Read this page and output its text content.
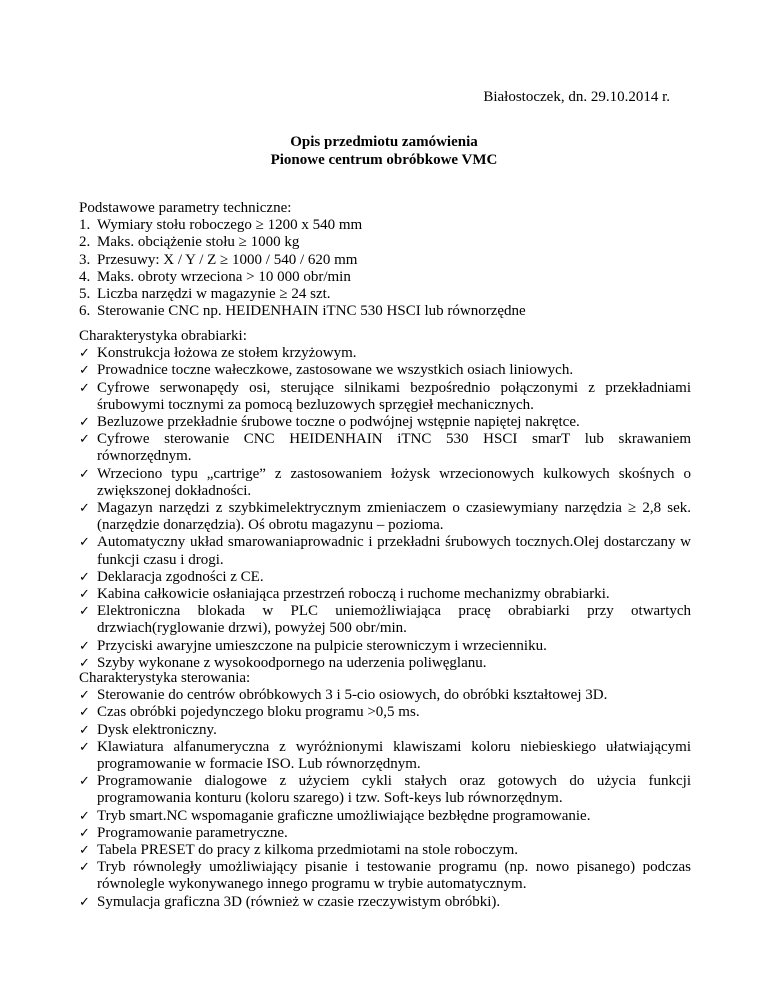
Białostoczek, dn. 29.10.2014 r.
Opis przedmiotu zamówienia
Pionowe centrum obróbkowe VMC

Podstawowe parametry techniczne:

1. Wymiary stołu roboczego ≥ 1200 x 540 mm
2. Maks. obciążenie stołu ≥ 1000 kg
3. Przesuwy: X / Y / Z ≥ 1000 / 540 / 620 mm
4. Maks. obroty wrzeciona > 10 000 obr/min
5. Liczba narzędzi w magazynie ≥ 24 szt.
6. Sterowanie CNC np. HEIDENHAIN iTNC 530 HSCI lub równorzędne

Charakterystyka obrabiarki:

✓ Konstrukcja łożowa ze stołem krzyżowym.
✓ Prowadnice toczne wałeczkowe, zastosowane we wszystkich osiach liniowych.
✓ Cyfrowe serwonapędy osi, sterujące silnikami bezpośrednio połączonymi z przekładniami śrubowymi tocznymi za pomocą bezluzowych sprzęgieł mechanicznych.
✓ Bezluzowe przekładnie śrubowe toczne o podwójnej wstępnie napiętej nakrętce.
✓ Cyfrowe sterowanie CNC HEIDENHAIN iTNC 530 HSCI smarT lub skrawaniem równorzędnym.
✓ Wrzeciono typu „cartrige” z zastosowaniem łożysk wrzecionowych kulkowych skośnych o zwiększonej dokładności.
✓ Magazyn narzędzi z szybkimelektrycznym zmieniaczem o czasiewymiany narzędzia ≥ 2,8 sek. (narzędzie donarzędzia). Oś obrotu magazynu – pozioma.
✓ Automatyczny układ smarowaniaprowadnic i przekładni śrubowych tocznych.Olej dostarczany w funkcji czasu i drogi.
✓ Deklaracja zgodności z CE.
✓ Kabina całkowicie osłaniająca przestrzeń roboczą i ruchome mechanizmy obrabiarki.
✓ Elektroniczna blokada w PLC uniemożliwiająca pracę obrabiarki przy otwartych drzwiach(ryglowanie drzwi), powyżej 500 obr/min.
✓ Przyciski awaryjne umieszczone na pulpicie sterowniczym i wrzecienniku.
✓ Szyby wykonane z wysokoodpornego na uderzenia poliwęglanu.

Charakterystyka sterowania:

✓ Sterowanie do centrów obróbkowych 3 i 5-cio osiowych, do obróbki kształtowej 3D.
✓ Czas obróbki pojedynczego bloku programu >0,5 ms.
✓ Dysk elektroniczny.
✓ Klawiatura alfanumeryczna z wyróżnionymi klawiszami koloru niebieskiego ułatwiającymi programowanie w formacie ISO. Lub równorzędnym.
✓ Programowanie dialogowe z użyciem cykli stałych oraz gotowych do użycia funkcji programowania konturu (koloru szarego) i tzw. Soft-keys lub równorzędnym.
✓ Tryb smart.NC wspomaganie graficzne umożliwiające bezbłędne programowanie.
✓ Programowanie parametryczne.
✓ Tabela PRESET do pracy z kilkoma przedmiotami na stole roboczym.
✓ Tryb równoległy umożliwiający pisanie i testowanie programu (np. nowo pisanego) podczas równolegle wykonywanego innego programu w trybie automatycznym.
✓ Symulacja graficzna 3D (również w czasie rzeczywistym obróbki).
